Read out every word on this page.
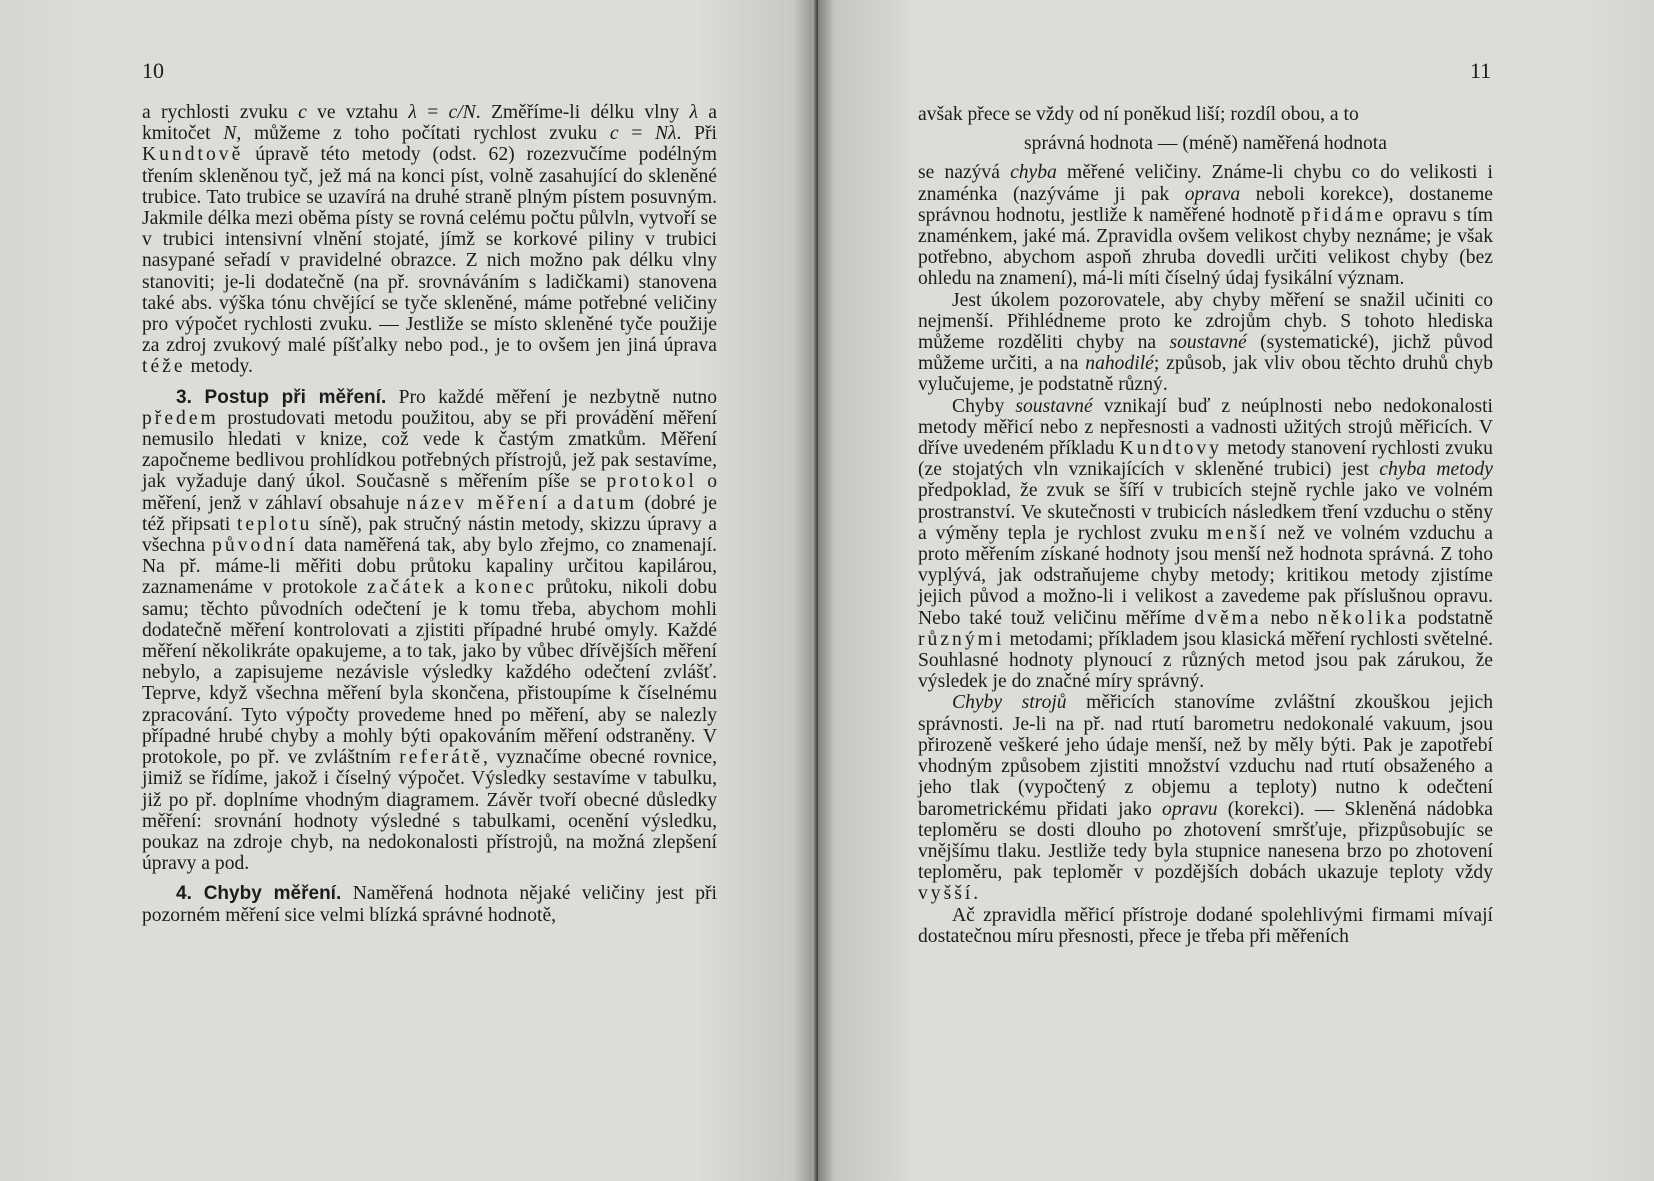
10

a rychlosti zvuku c ve vztahu λ = c/N. Změříme-li délku vlny λ a kmitočet N, můžeme z toho počítati rychlost zvuku c = Nλ. Při Kundtově úpravě této metody (odst. 62) rozezvučíme podélným třením skleněnou tyč, jež má na konci píst, volně zasahující do skleněné trubice. Tato trubice se uzavírá na druhé straně plným pístem posuvným. Jakmile délka mezi oběma písty se rovná celému počtu půlvln, vytvoří se v trubici intensivní vlnění stojaté, jímž se korkové piliny v trubici nasypané seřadí v pravidelné obrazce. Z nich možno pak délku vlny stanoviti; je-li dodatečně (na př. srovnáváním s ladičkami) stanovena také abs. výška tónu chvějící se tyče skleněné, máme potřebné veličiny pro výpočet rychlosti zvuku. — Jestliže se místo skleněné tyče použije za zdroj zvukový malé píšťalky nebo pod., je to ovšem jen jiná úprava téže metody.

3. Postup při měření. Pro každé měření je nezbytně nutno předem prostudovati metodu použitou, aby se při provádění měření nemusilo hledati v knize, což vede k častým zmatkům. Měření započneme bedlivou prohlídkou potřebných přístrojů, jež pak sestavíme, jak vyžaduje daný úkol. Současně s měřením píše se protokol o měření, jenž v záhlaví obsahuje název měření a datum (dobré je též připsati teplotu síně), pak stručný nástin metody, skizzu úpravy a všechna původní data naměřená tak, aby bylo zřejmo, co znamenají. Na př. máme-li měřiti dobu průtoku kapaliny určitou kapilárou, zaznamenáme v protokole začátek a konec průtoku, nikoli dobu samu; těchto původních odečtení je k tomu třeba, abychom mohli dodatečně měření kontrolovati a zjistiti případné hrubé omyly. Každé měření několikráte opakujeme, a to tak, jako by vůbec dřívějších měření nebylo, a zapisujeme nezávisle výsledky každého odečtení zvlášť. Teprve, když všechna měření byla skončena, přistoupíme k číselnému zpracování. Tyto výpočty provedeme hned po měření, aby se nalezly případné hrubé chyby a mohly býti opakováním měření odstraněny. V protokole, po př. ve zvláštním referátě, vyznačíme obecné rovnice, jimiž se řídíme, jakož i číselný výpočet. Výsledky sestavíme v tabulku, již po př. doplníme vhodným diagramem. Závěr tvoří obecné důsledky měření: srovnání hodnoty výsledné s tabulkami, ocenění výsledku, poukaz na zdroje chyb, na nedokonalosti přístrojů, na možná zlepšení úpravy a pod.

4. Chyby měření. Naměřená hodnota nějaké veličiny jest při pozorném měření sice velmi blízká správné hodnotě,

11

avšak přece se vždy od ní poněkud liší; rozdíl obou, a to

správná hodnota — (méně) naměřená hodnota

se nazývá chyba měřené veličiny. Známe-li chybu co do velikosti i znaménka (nazýváme ji pak oprava neboli korekce), dostaneme správnou hodnotu, jestliže k naměřené hodnotě přidáme opravu s tím znaménkem, jaké má. Zpravidla ovšem velikost chyby neznáme; je však potřebno, abychom aspoň zhruba dovedli určiti velikost chyby (bez ohledu na znamení), má-li míti číselný údaj fysikální význam.

Jest úkolem pozorovatele, aby chyby měření se snažil učiniti co nejmenší. Přihlédneme proto ke zdrojům chyb. S tohoto hlediska můžeme rozděliti chyby na soustavné (systematické), jichž původ můžeme určiti, a na nahodilé; způsob, jak vliv obou těchto druhů chyb vylučujeme, je podstatně různý.

Chyby soustavné vznikají buď z neúplnosti nebo nedokonalosti metody měřicí nebo z nepřesnosti a vadnosti užitých strojů měřicích. V dříve uvedeném příkladu Kundtovy metody stanovení rychlosti zvuku (ze stojatých vln vznikajících v skleněné trubici) jest chyba metody předpoklad, že zvuk se šíří v trubicích stejně rychle jako ve volném prostranství. Ve skutečnosti v trubicích následkem tření vzduchu o stěny a výměny tepla je rychlost zvuku menší než ve volném vzduchu a proto měřením získané hodnoty jsou menší než hodnota správná. Z toho vyplývá, jak odstraňujeme chyby metody; kritikou metody zjistíme jejich původ a možno-li i velikost a zavedeme pak příslušnou opravu. Nebo také touž veličinu měříme dvěma nebo několika podstatně různými metodami; příkladem jsou klasická měření rychlosti světelné. Souhlasné hodnoty plynoucí z různých metod jsou pak zárukou, že výsledek je do značné míry správný.

Chyby strojů měřicích stanovíme zvláštní zkouškou jejich správnosti. Je-li na př. nad rtutí barometru nedokonalé vakuum, jsou přirozeně veškeré jeho údaje menší, než by měly býti. Pak je zapotřebí vhodným způsobem zjistiti množství vzduchu nad rtutí obsaženého a jeho tlak (vypočtený z objemu a teploty) nutno k odečtení barometrickému přidati jako opravu (korekci). — Skleněná nádobka teploměru se dosti dlouho po zhotovení smršťuje, přizpůsobujíc se vnějšímu tlaku. Jestliže tedy byla stupnice nanesena brzo po zhotovení teploměru, pak teploměr v pozdějších dobách ukazuje teploty vždy vyšší.

Ač zpravidla měřicí přístroje dodané spolehlivými firmami mívají dostatečnou míru přesnosti, přece je třeba při měřeních
